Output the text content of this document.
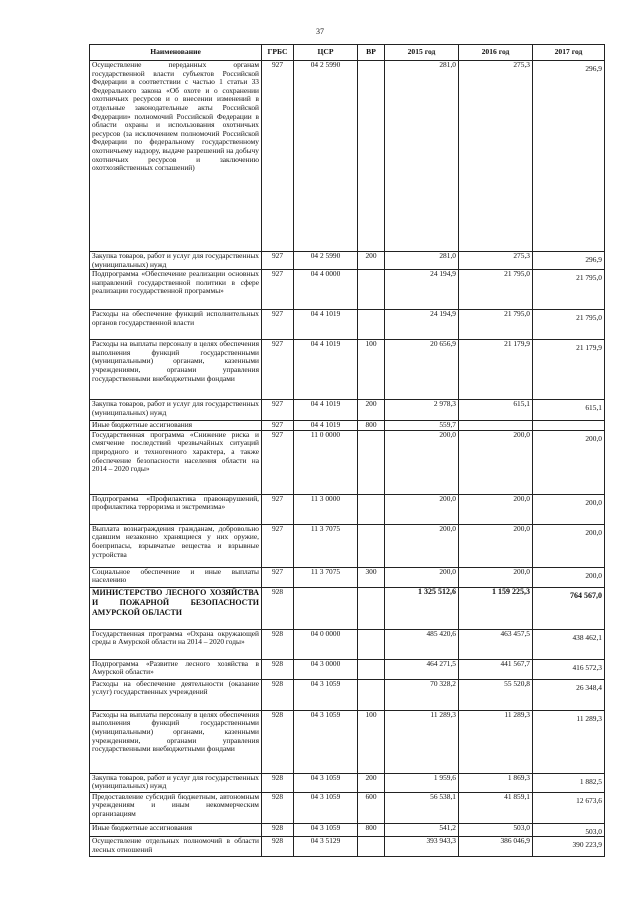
37
Наименование	ГРБС	ЦСР	ВР	2015 год	2016 год	2017 год
Осуществление переданных органам государственной власти субъектов Российской Федерации в соответствии с частью 1 статьи 33 Федерального закона «Об охоте и о сохранении охотничьих ресурсов и о внесении изменений в отдельные законодательные акты Российской Федерации» полномочий Российской Федерации в области охраны и использования охотничьих ресурсов (за исключением полномочий Российской Федерации по федеральному государственному охотничьему надзору, выдаче разрешений на добычу охотничьих ресурсов и заключению охотхозяйственных соглашений)	927	04 2 5990		281,0	275,3	296,9

Закупка товаров, работ и услуг для государственных (муниципальных) нужд	927	04 2 5990	200	281,0	275,3	296,9

Подпрограмма «Обеспечение реализации основных направлений государственной политики в сфере реализации государственной программы»	927	04 4 0000		24 194,9	21 795,0	21 795,0

Расходы на обеспечение функций исполнительных органов государственной власти	927	04 4 1019		24 194,9	21 795,0	21 795,0

Расходы на выплаты персоналу в целях обеспечения выполнения функций государственными (муниципальными) органами, казенными учреждениями, органами управления государственными внебюджетными фондами	927	04 4 1019	100	20 656,9	21 179,9	21 179,9

Закупка товаров, работ и услуг для государственных (муниципальных) нужд	927	04 4 1019	200	2 978,3	615,1	615,1

Иные бюджетные ассигнования	927	04 4 1019	800	559,7		

Государственная программа «Снижение риска и смягчение последствий чрезвычайных ситуаций природного и техногенного характера, а также обеспечение безопасности населения области на 2014 – 2020 годы»	927	11 0 0000		200,0	200,0	200,0

Подпрограмма «Профилактика правонарушений, профилактика терроризма и экстремизма»	927	11 3 0000		200,0	200,0	200,0

Выплата вознаграждения гражданам, добровольно сдавшим незаконно хранящиеся у них оружие, боеприпасы, взрывчатые вещества и взрывные устройства	927	11 3 7075		200,0	200,0	200,0

Социальное обеспечение и иные выплаты населению	927	11 3 7075	300	200,0	200,0	200,0

МИНИСТЕРСТВО ЛЕСНОГО ХОЗЯЙСТВА И ПОЖАРНОЙ БЕЗОПАСНОСТИ АМУРСКОЙ ОБЛАСТИ	928			1 325 512,6	1 159 225,3	764 567,0

Государственная программа «Охрана окружающей среды в Амурской области на 2014 – 2020 годы»	928	04 0 0000		485 420,6	463 457,5	438 462,1

Подпрограмма «Развитие лесного хозяйства в Амурской области»	928	04 3 0000		464 271,5	441 567,7	416 572,3

Расходы на обеспечение деятельности (оказание услуг) государственных учреждений	928	04 3 1059		70 328,2	55 520,8	26 348,4

Расходы на выплаты персоналу в целях обеспечения выполнения функций государственными (муниципальными) органами, казенными учреждениями, органами управления государственными внебюджетными фондами	928	04 3 1059	100	11 289,3	11 289,3	11 289,3

Закупка товаров, работ и услуг для государственных (муниципальных) нужд	928	04 3 1059	200	1 959,6	1 869,3	1 882,5

Предоставление субсидий бюджетным, автономным учреждениям и иным некоммерческим организациям	928	04 3 1059	600	56 538,1	41 859,1	12 673,6

Иные бюджетные ассигнования	928	04 3 1059	800	541,2	503,0	503,0

Осуществление отдельных полномочий в области лесных отношений	928	04 3 5129		393 943,3	386 046,9	390 223,9
